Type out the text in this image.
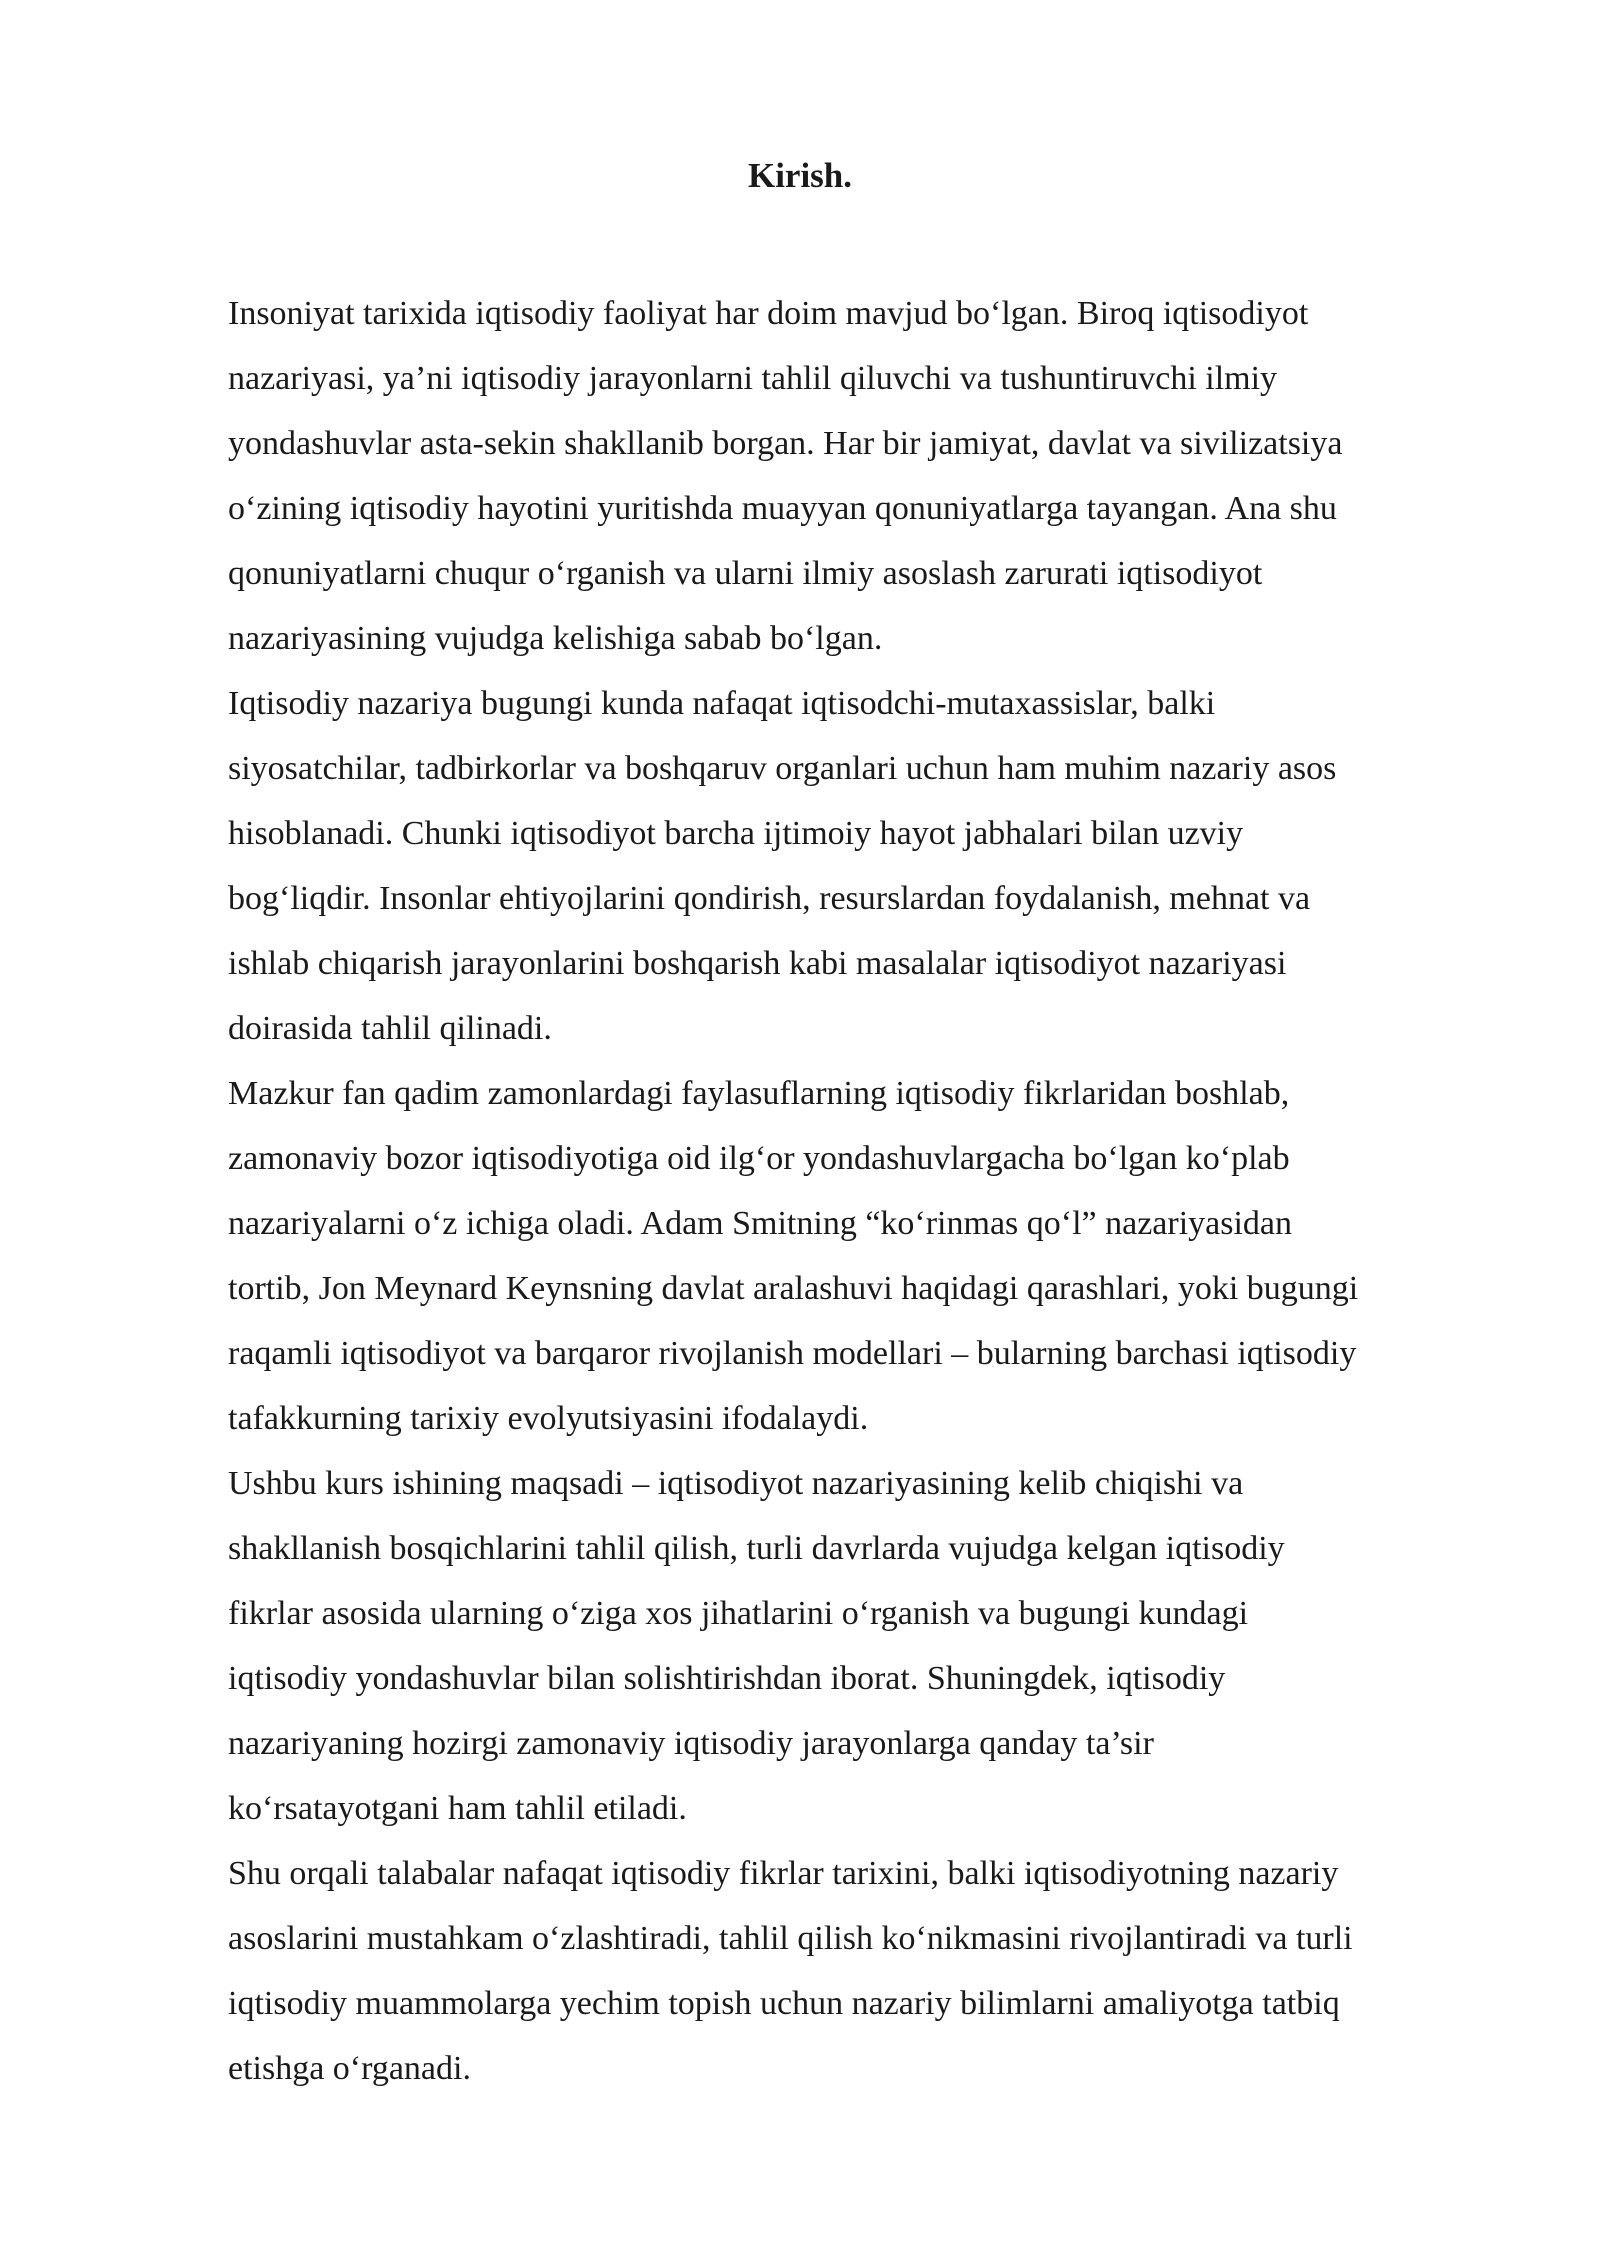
Kirish.
Insoniyat tarixida iqtisodiy faoliyat har doim mavjud bo‘lgan. Biroq iqtisodiyot
nazariyasi, ya’ni iqtisodiy jarayonlarni tahlil qiluvchi va tushuntiruvchi ilmiy
yondashuvlar asta-sekin shakllanib borgan. Har bir jamiyat, davlat va sivilizatsiya
o‘zining iqtisodiy hayotini yuritishda muayyan qonuniyatlarga tayangan. Ana shu
qonuniyatlarni chuqur o‘rganish va ularni ilmiy asoslash zarurati iqtisodiyot
nazariyasining vujudga kelishiga sabab bo‘lgan.
Iqtisodiy nazariya bugungi kunda nafaqat iqtisodchi-mutaxassislar, balki
siyosatchilar, tadbirkorlar va boshqaruv organlari uchun ham muhim nazariy asos
hisoblanadi. Chunki iqtisodiyot barcha ijtimoiy hayot jabhalari bilan uzviy
bog‘liqdir. Insonlar ehtiyojlarini qondirish, resurslardan foydalanish, mehnat va
ishlab chiqarish jarayonlarini boshqarish kabi masalalar iqtisodiyot nazariyasi
doirasida tahlil qilinadi.
Mazkur fan qadim zamonlardagi faylasuflarning iqtisodiy fikrlaridan boshlab,
zamonaviy bozor iqtisodiyotiga oid ilg‘or yondashuvlargacha bo‘lgan ko‘plab
nazariyalarni o‘z ichiga oladi. Adam Smitning “ko‘rinmas qo‘l” nazariyasidan
tortib, Jon Meynard Keynsning davlat aralashuvi haqidagi qarashlari, yoki bugungi
raqamli iqtisodiyot va barqaror rivojlanish modellari – bularning barchasi iqtisodiy
tafakkurning tarixiy evolyutsiyasini ifodalaydi.
Ushbu kurs ishining maqsadi – iqtisodiyot nazariyasining kelib chiqishi va
shakllanish bosqichlarini tahlil qilish, turli davrlarda vujudga kelgan iqtisodiy
fikrlar asosida ularning o‘ziga xos jihatlarini o‘rganish va bugungi kundagi
iqtisodiy yondashuvlar bilan solishtirishdan iborat. Shuningdek, iqtisodiy
nazariyaning hozirgi zamonaviy iqtisodiy jarayonlarga qanday ta’sir
ko‘rsatayotgani ham tahlil etiladi.
Shu orqali talabalar nafaqat iqtisodiy fikrlar tarixini, balki iqtisodiyotning nazariy
asoslarini mustahkam o‘zlashtiradi, tahlil qilish ko‘nikmasini rivojlantiradi va turli
iqtisodiy muammolarga yechim topish uchun nazariy bilimlarni amaliyotga tatbiq
etishga o‘rganadi.
